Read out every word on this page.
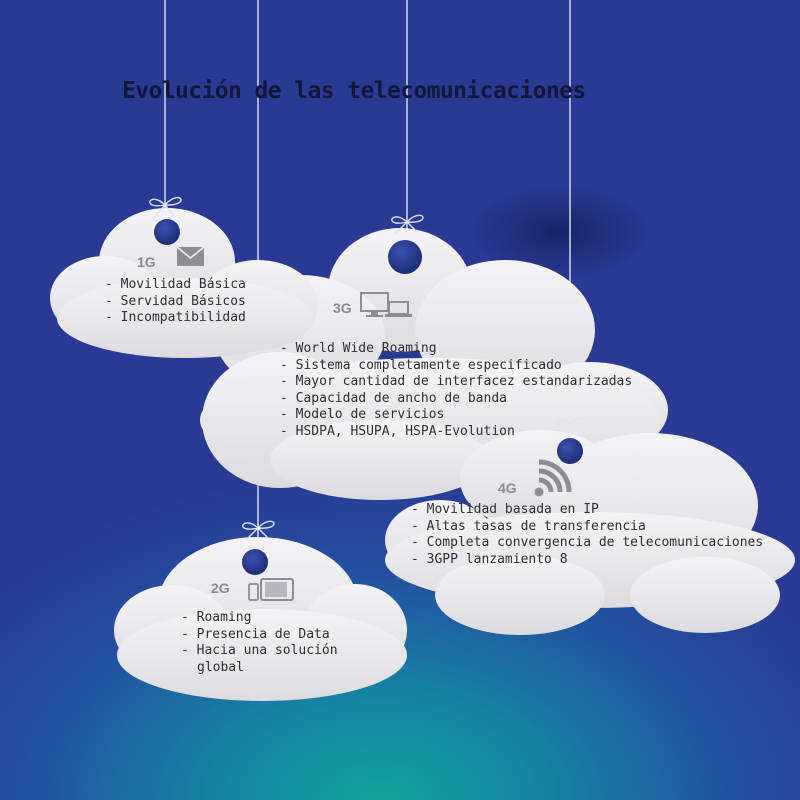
Evolución de las telecomunicaciones
1G
- Movilidad Básica
- Servidad Básicos
- Incompatibilidad
3G
- World Wide Roaming
- Sistema completamente especificado
- Mayor cantidad de interfacez estandarizadas
- Capacidad de ancho de banda
- Modelo de servicios
- HSDPA, HSUPA, HSPA-Evolution
4G
- Movilidad basada en IP
- Altas tasas de transferencia
- Completa convergencia de telecomunicaciones
- 3GPP lanzamiento 8
2G
- Roaming
- Presencia de Data
- Hacia una solución global
